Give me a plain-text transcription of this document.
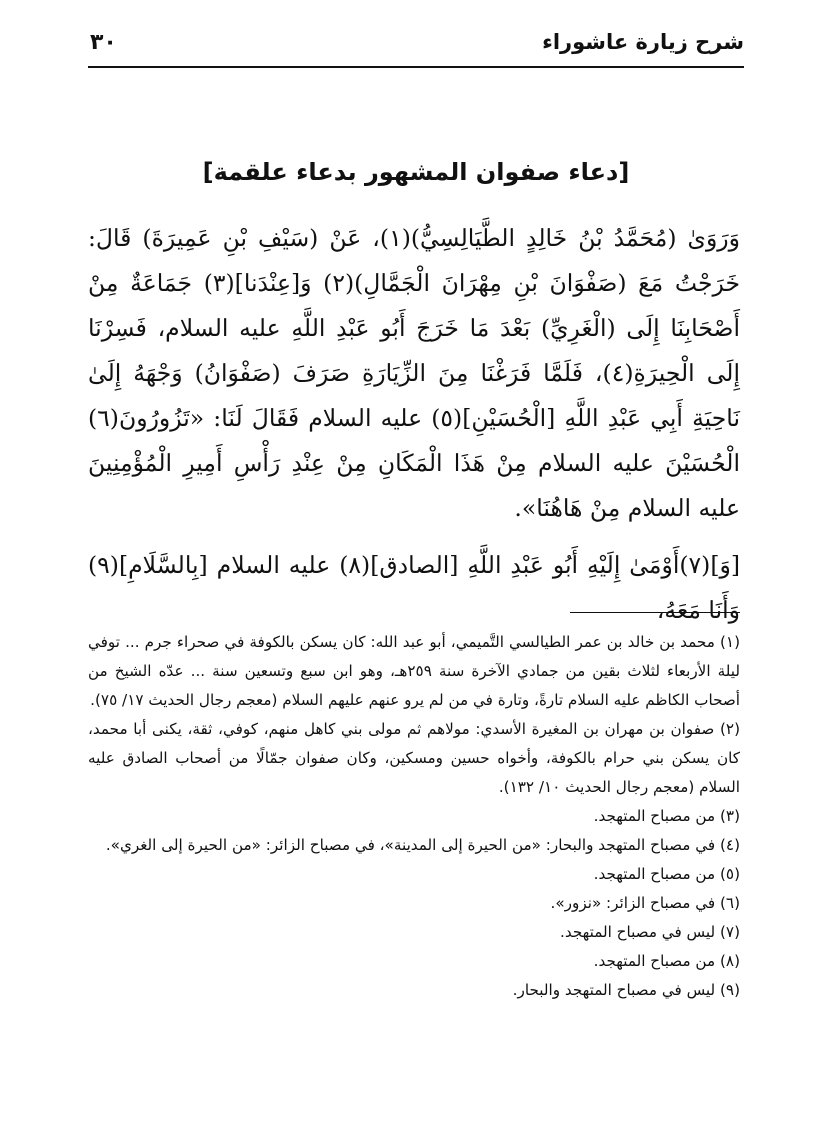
شرح زيارة عاشوراء
٣٠
[دعاء صفوان المشهور بدعاء علقمة]

وَرَوَىٰ (مُحَمَّدُ بْنُ خَالِدٍ الطَّيَالِسِيُّ)(١)، عَنْ (سَيْفِ بْنِ عَمِيرَةَ) قَالَ: خَرَجْتُ مَعَ (صَفْوَانَ بْنِ مِهْرَانَ الْجَمَّالِ)(٢) وَ[عِنْدَنا](٣) جَمَاعَةٌ مِنْ أَصْحَابِنَا إِلَى (الْغَرِيِّ) بَعْدَ مَا خَرَجَ أَبُو عَبْدِ اللَّهِ عليه السلام، فَسِرْنَا إِلَى الْحِيرَةِ(٤)، فَلَمَّا فَرَغْنَا مِنَ الزِّيَارَةِ صَرَفَ (صَفْوَانُ) وَجْهَهُ إِلَىٰ نَاحِيَةِ أَبِي عَبْدِ اللَّهِ [الْحُسَيْنِ](٥) عليه السلام فَقَالَ لَنَا: «تَزُورُونَ(٦) الْحُسَيْنَ عليه السلام مِنْ هَذَا الْمَكَانِ مِنْ عِنْدِ رَأْسِ أَمِيرِ الْمُؤْمِنِينَ عليه السلام مِنْ هَاهُنَا».

[وَ](٧)أَوْمَىٰ إِلَيْهِ أَبُو عَبْدِ اللَّهِ [الصادق](٨) عليه السلام [بِالسَّلَامِ](٩) وَأَنَا مَعَهُ،

(١) محمد بن خالد بن عمر الطيالسي التَّميمي، أبو عبد الله: كان يسكن بالكوفة في صحراء جرم ... توفي ليلة الأربعاء لثلاث بقين من جمادي الآخرة سنة ٢٥٩هـ، وهو ابن سبع وتسعين سنة ... عدّه الشيخ من أصحاب الكاظم عليه السلام تارةً، وتارة في من لم يرو عنهم عليهم السلام (معجم رجال الحديث ١٧/ ٧٥).

(٢) صفوان بن مهران بن المغيرة الأسدي: مولاهم ثم مولى بني كاهل منهم، كوفي، ثقة، يكنى أبا محمد، كان يسكن بني حرام بالكوفة، وأخواه حسين ومسكين، وكان صفوان جمّالًا من أصحاب الصادق عليه السلام (معجم رجال الحديث ١٠/ ١٣٢).

(٣) من مصباح المتهجد.

(٤) في مصباح المتهجد والبحار: «من الحيرة إلى المدينة»، في مصباح الزائر: «من الحيرة إلى الغري».

(٥) من مصباح المتهجد.

(٦) في مصباح الزائر: «نزور».

(٧) ليس في مصباح المتهجد.

(٨) من مصباح المتهجد.

(٩) ليس في مصباح المتهجد والبحار.
